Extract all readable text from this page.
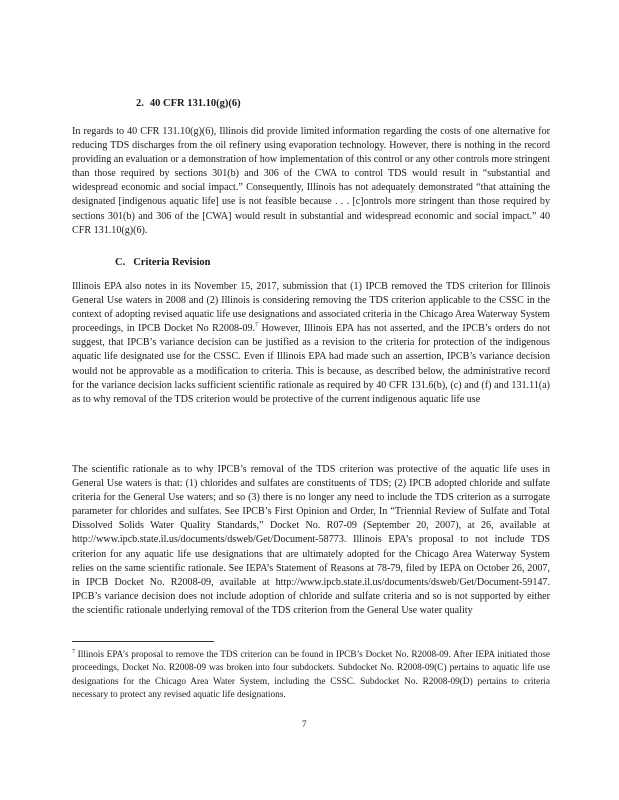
2. 40 CFR 131.10(g)(6)

In regards to 40 CFR 131.10(g)(6), Illinois did provide limited information regarding the costs of one alternative for reducing TDS discharges from the oil refinery using evaporation technology. However, there is nothing in the record providing an evaluation or a demonstration of how implementation of this control or any other controls more stringent than those required by sections 301(b) and 306 of the CWA to control TDS would result in “substantial and widespread economic and social impact.” Consequently, Illinois has not adequately demonstrated “that attaining the designated [indigenous aquatic life] use is not feasible because . . . [c]ontrols more stringent than those required by sections 301(b) and 306 of the [CWA] would result in substantial and widespread economic and social impact.” 40 CFR 131.10(g)(6).

C. Criteria Revision

Illinois EPA also notes in its November 15, 2017, submission that (1) IPCB removed the TDS criterion for Illinois General Use waters in 2008 and (2) Illinois is considering removing the TDS criterion applicable to the CSSC in the context of adopting revised aquatic life use designations and associated criteria in the Chicago Area Waterway System proceedings, in IPCB Docket No R2008-09.$^7$ However, Illinois EPA has not asserted, and the IPCB’s orders do not suggest, that IPCB’s variance decision can be justified as a revision to the criteria for protection of the indigenous aquatic life designated use for the CSSC. Even if Illinois EPA had made such an assertion, IPCB’s variance decision would not be approvable as a modification to criteria. This is because, as described below, the administrative record for the variance decision lacks sufficient scientific rationale as required by 40 CFR 131.6(b), (c) and (f) and 131.11(a) as to why removal of the TDS criterion would be protective of the current indigenous aquatic life use

The scientific rationale as to why IPCB’s removal of the TDS criterion was protective of the aquatic life uses in General Use waters is that: (1) chlorides and sulfates are constituents of TDS; (2) IPCB adopted chloride and sulfate criteria for the General Use waters; and so (3) there is no longer any need to include the TDS criterion as a surrogate parameter for chlorides and sulfates. See IPCB’s First Opinion and Order, In “Triennial Review of Sulfate and Total Dissolved Solids Water Quality Standards,” Docket No. R07-09 (September 20, 2007), at 26, available at http://www.ipcb.state.il.us/documents/dsweb/Get/Document-58773. Illinois EPA’s proposal to not include TDS criterion for any aquatic life use designations that are ultimately adopted for the Chicago Area Waterway System relies on the same scientific rationale. See IEPA’s Statement of Reasons at 78-79, filed by IEPA on October 26, 2007, in IPCB Docket No. R2008-09, available at http://www.ipcb.state.il.us/documents/dsweb/Get/Document-59147. IPCB’s variance decision does not include adoption of chloride and sulfate criteria and so is not supported by either the scientific rationale underlying removal of the TDS criterion from the General Use water quality

$^7$ Illinois EPA’s proposal to remove the TDS criterion can be found in IPCB’s Docket No. R2008-09. After IEPA initiated those proceedings, Docket No. R2008-09 was broken into four subdockets. Subdocket No. R2008-09(C) pertains to aquatic life use designations for the Chicago Area Water System, including the CSSC. Subdocket No. R2008-09(D) pertains to criteria necessary to protect any revised aquatic life designations.

7
